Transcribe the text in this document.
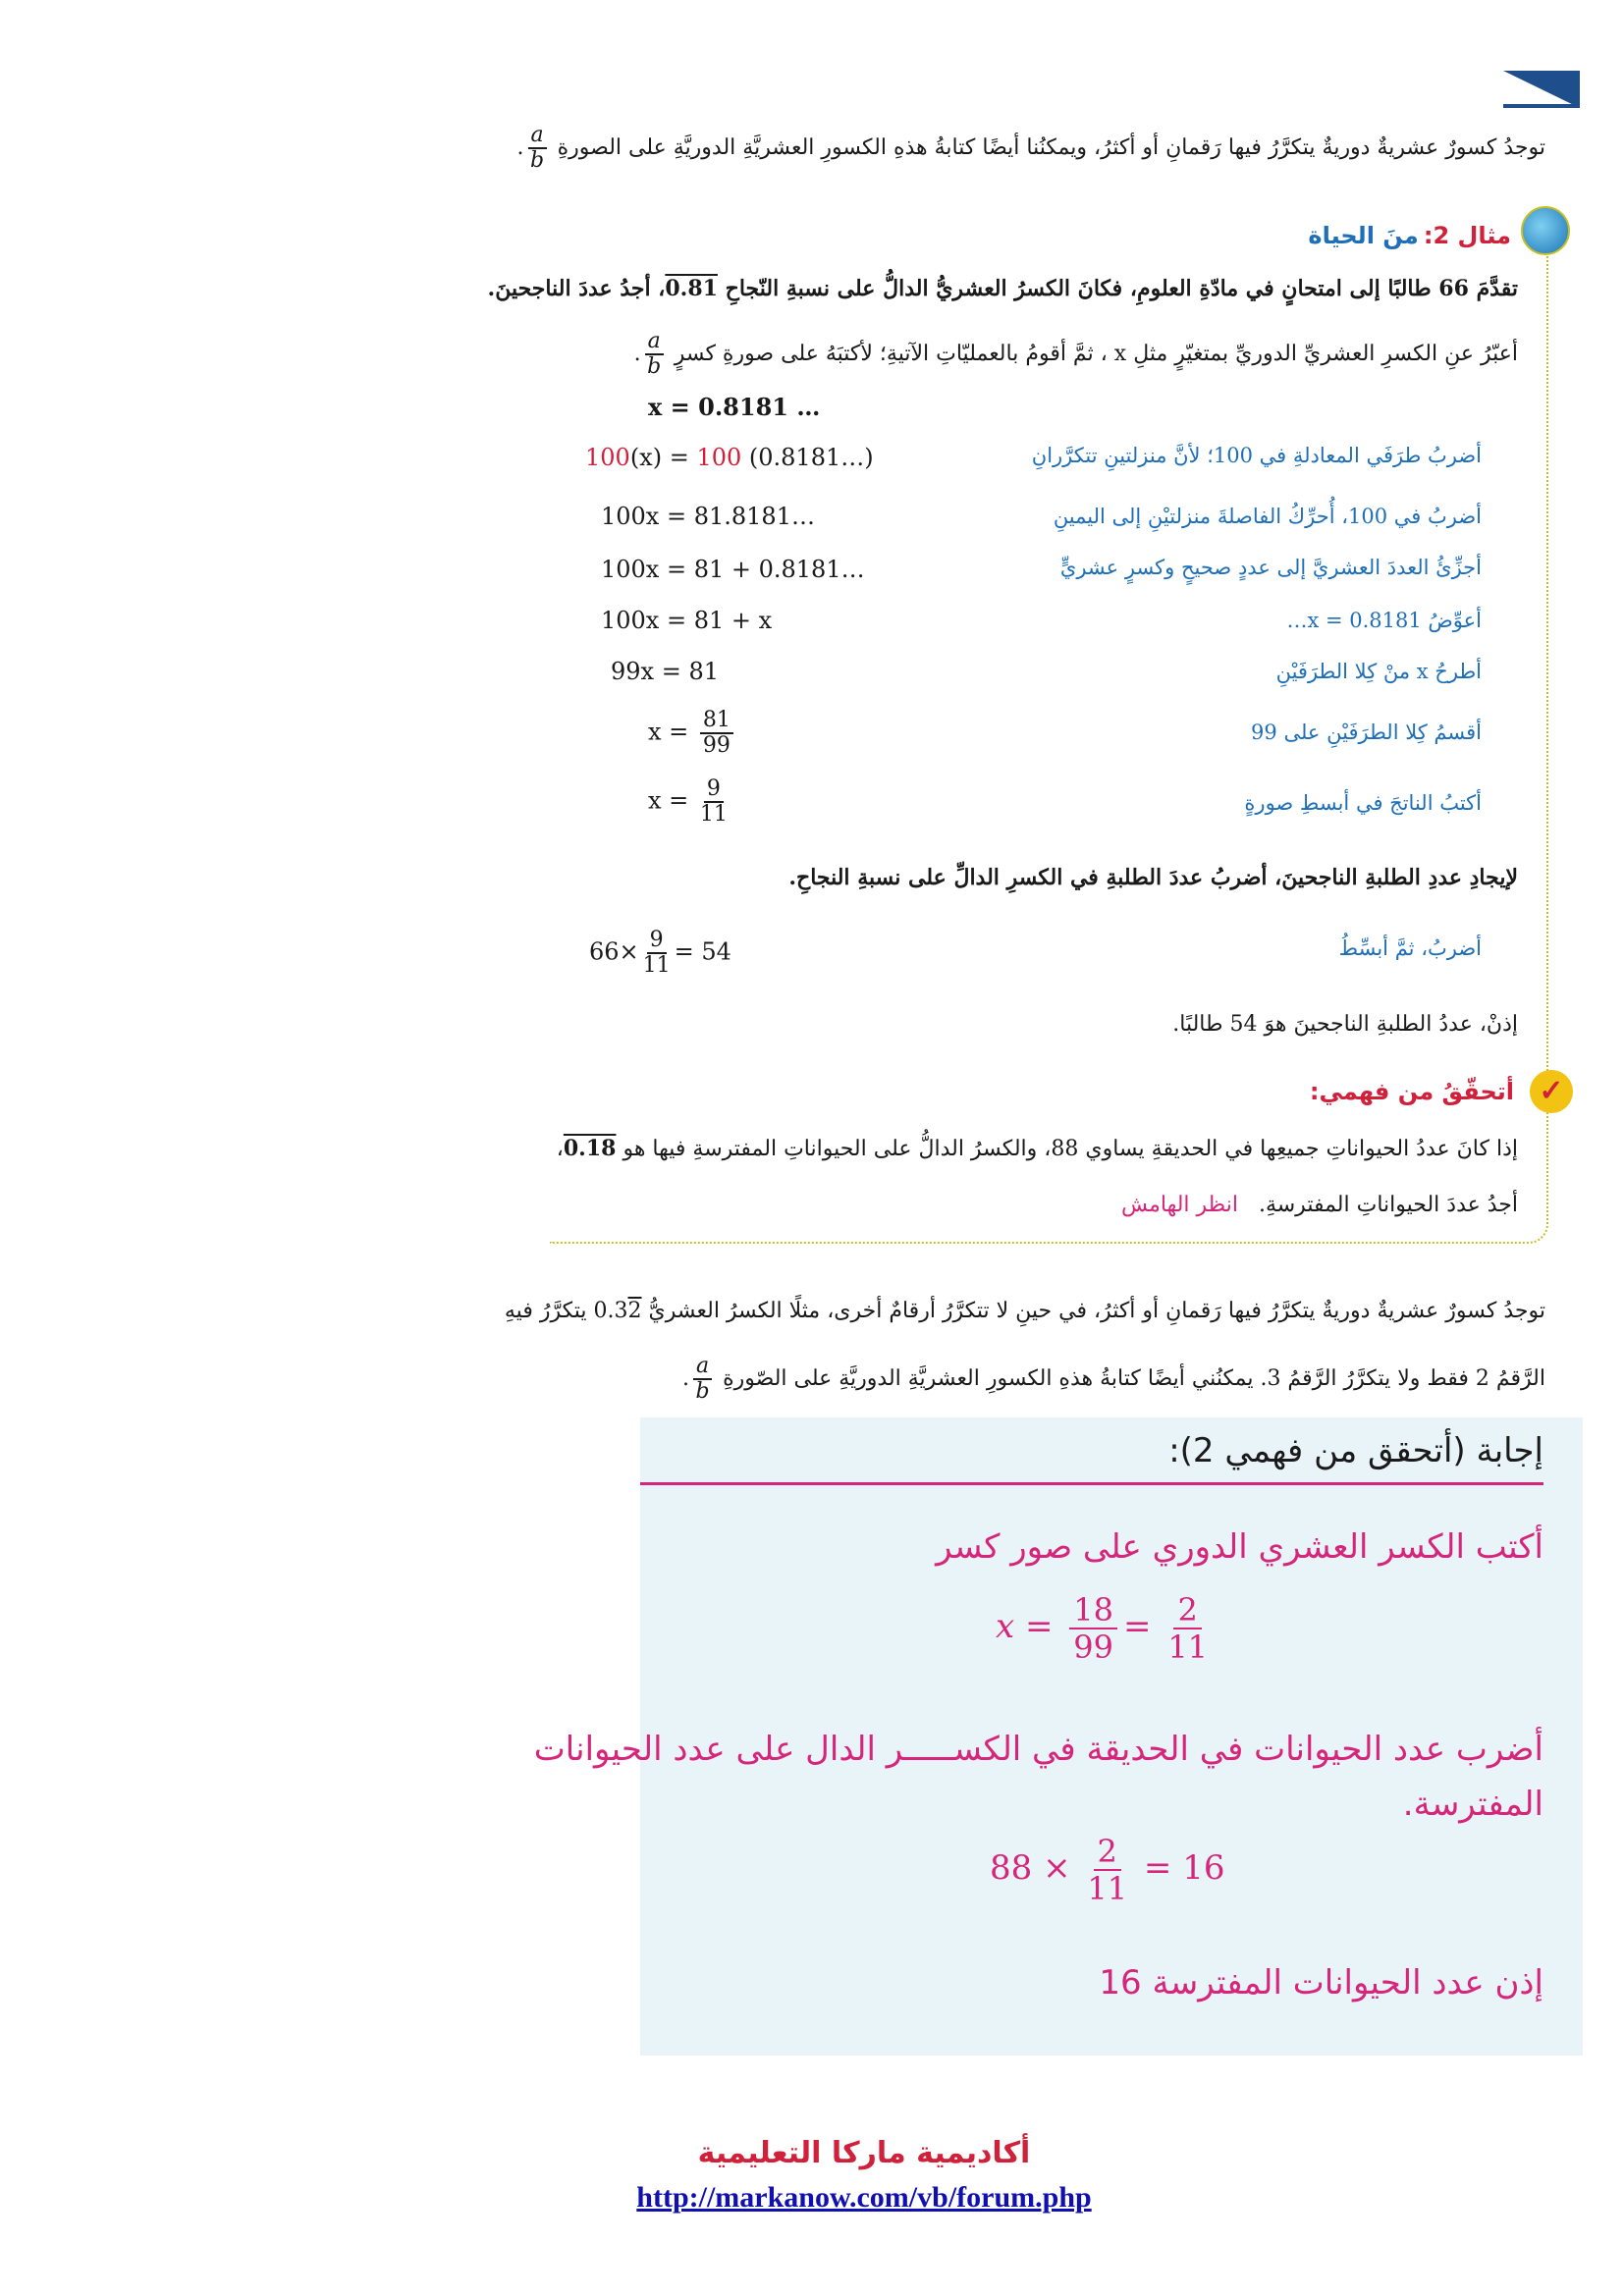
توجدُ كسورٌ عشريةٌ دوريةٌ يتكرَّرُ فيها رَقمانِ أو أكثرُ، ويمكنُنا أيضًا كتابةُ هذهِ الكسورِ العشريَّةِ الدوريَّةِ على الصورةِ
$\frac{a}{b}$
.
مثال 2: منَ الحياة
تقدَّمَ 66 طالبًا إلى امتحانٍ في مادّةِ العلومِ، فكانَ الكسرُ العشريُّ الدالُّ على نسبةِ النّجاحِ 0.81، أجدُ عددَ الناجحينَ.
أعبّرُ عنِ الكسرِ العشريِّ الدوريِّ بمتغيّرٍ مثلِ x ، ثمَّ أقومُ بالعمليّاتِ الآتيةِ؛ لأكتبَهُ على صورةِ كسرٍ
$\frac{a}{b}$
.
x = 0.8181 …
100(x) = 100 (0.8181…)	أضربُ طرَفَي المعادلةِ في 100؛ لأنَّ منزلتينِ تتكرَّرانِ
100x = 81.8181…	أضربُ في 100، أُحرِّكُ الفاصلةَ منزلتيْنِ إلى اليمينِ
100x = 81 + 0.8181…	أجزِّئُ العددَ العشريَّ إلى عددٍ صحيحٍ وكسرٍ عشريٍّ
100x = 81 + x	أعوِّضُ x = 0.8181…
99x = 81	أطرحُ x منْ كِلا الطرَفَيْنِ
$x = \frac{81}{99}$	أقسمُ كِلا الطرَفَيْنِ على 99
$x = \frac{9}{11}$	أكتبُ الناتجَ في أبسطِ صورةٍ
لإيجادِ عددِ الطلبةِ الناجحينَ، أضربُ عددَ الطلبةِ في الكسرِ الدالِّ على نسبةِ النجاحِ.
$66\times \frac{9}{11} = 54$	أضربُ، ثمَّ أبسِّطُ
إذنْ، عددُ الطلبةِ الناجحينَ هوَ 54 طالبًا.
✓
أتحقّقُ من فهمي:
إذا كانَ عددُ الحيواناتِ جميعِها في الحديقةِ يساوي 88، والكسرُ الدالُّ على الحيواناتِ المفترسةِ فيها هو 0.18،
أجدُ عددَ الحيواناتِ المفترسةِ. انظر الهامش
توجدُ كسورٌ عشريةٌ دوريةٌ يتكرَّرُ فيها رَقمانِ أو أكثرُ، في حينِ لا تتكرَّرُ أرقامٌ أخرى، مثلًا الكسرُ العشريُّ 0.32 يتكرَّرُ فيهِ
الرَّقمُ 2 فقط ولا يتكرَّرُ الرَّقمُ 3. يمكنُني أيضًا كتابةُ هذهِ الكسورِ العشريَّةِ الدوريَّةِ على الصّورةِ
$\frac{a}{b}$
.
إجابة (أتحقق من فهمي 2):
أكتب الكسر العشري الدوري على صور كسر
$x = \frac{18}{99} = \frac{2}{11}$
أضرب عدد الحيوانات في الحديقة في الكســـــر الدال على عدد الحيوانات
المفترسة.
$88 \times \frac{2}{11} = 16$
إذن عدد الحيوانات المفترسة 16
أكاديمية ماركا التعليمية
http://markanow.com/vb/forum.php
